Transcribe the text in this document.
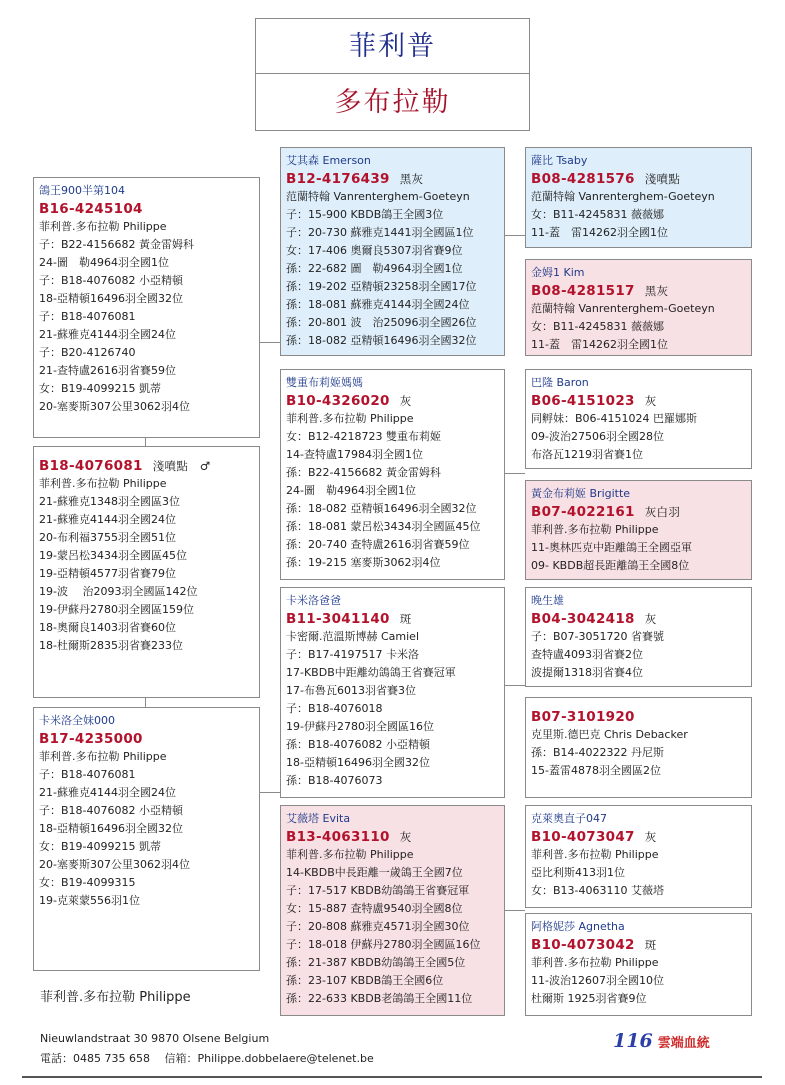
菲利普
多布拉勒
鴿王900半第104
B16-4245104
菲利普.多布拉勒 Philippe
子：B22-4156682 黃金雷姆科
24-圖　勒4964羽全國1位
子：B18-4076082 小亞精頓
18-亞精頓16496羽全國32位
子：B18-4076081
21-蘇雅克4144羽全國24位
子：B20-4126740
21-查特盧2616羽省賽59位
女：B19-4099215 凱蒂
20-塞麥斯307公里3062羽4位
B18-4076081 淺噴點　♂
菲利普.多布拉勒 Philippe
21-蘇雅克1348羽全國區3位
21-蘇雅克4144羽全國24位
20-布利福3755羽全國51位
19-蒙呂松3434羽全國區45位
19-亞精頓4577羽省賽79位
19-波　 治2093羽全國區142位
19-伊蘇丹2780羽全國區159位
18-奧爾良1403羽省賽60位
18-杜爾斯2835羽省賽233位
卡米洛全妹000
B17-4235000
菲利普.多布拉勒 Philippe
子：B18-4076081
21-蘇雅克4144羽全國24位
子：B18-4076082 小亞精頓
18-亞精頓16496羽全國32位
女：B19-4099215 凱蒂
20-塞麥斯307公里3062羽4位
女：B19-4099315
19-克萊蒙556羽1位
艾其森 Emerson
B12-4176439 黑灰
范蘭特翰 Vanrenterghem-Goeteyn
子：15-900 KBDB鴿王全國3位
子：20-730 蘇雅克1441羽全國區1位
女：17-406 奧爾良5307羽省賽9位
孫：22-682 圖　勒4964羽全國1位
孫：19-202 亞精頓23258羽全國17位
孫：18-081 蘇雅克4144羽全國24位
孫：20-801 波　治25096羽全國26位
孫：18-082 亞精頓16496羽全國32位
雙重布莉姬媽媽
B10-4326020 灰
菲利普.多布拉勒 Philippe
女：B12-4218723 雙重布莉姬
14-查特盧17984羽全國1位
孫：B22-4156682 黃金雷姆科
24-圖　勒4964羽全國1位
孫：18-082 亞精頓16496羽全國32位
孫：18-081 蒙呂松3434羽全國區45位
孫：20-740 查特盧2616羽省賽59位
孫：19-215 塞麥斯3062羽4位
卡米洛爸爸
B11-3041140 斑
卡密爾.范溫斯博赫 Camiel
子：B17-4197517 卡米洛
17-KBDB中距離幼鴿鴿王省賽冠軍
17-布魯瓦6013羽省賽3位
子：B18-4076018
19-伊蘇丹2780羽全國區16位
孫：B18-4076082 小亞精頓
18-亞精頓16496羽全國32位
孫：B18-4076073
艾薇塔 Evita
B13-4063110 灰
菲利普.多布拉勒 Philippe
14-KBDB中長距離一歲鴿王全國7位
子：17-517 KBDB幼鴿鴿王省賽冠軍
女：15-887 查特盧9540羽全國8位
子：20-808 蘇雅克4571羽全國30位
子：18-018 伊蘇丹2780羽全國區16位
孫：21-387 KBDB幼鴿鴿王全國5位
孫：23-107 KBDB鴿王全國6位
孫：22-633 KBDB老鴿鴿王全國11位
薩比 Tsaby
B08-4281576 淺噴點
范蘭特翰 Vanrenterghem-Goeteyn
女：B11-4245831 薇薇娜
11-蓋　雷14262羽全國1位
金姆1 Kim
B08-4281517 黑灰
范蘭特翰 Vanrenterghem-Goeteyn
女：B11-4245831 薇薇娜
11-蓋　雷14262羽全國1位
巴隆 Baron
B06-4151023 灰
同孵妹：B06-4151024 巴羅娜斯
09-波治27506羽全國28位
布洛瓦1219羽省賽1位
黃金布莉姬 Brigitte
B07-4022161 灰白羽
菲利普.多布拉勒 Philippe
11-奧林匹克中距離鴿王全國亞軍
09- KBDB超長距離鴿王全國8位
晚生雄
B04-3042418 灰
子：B07-3051720 省賽號
查特盧4093羽省賽2位
波提爾1318羽省賽4位
B07-3101920
克里斯.德巴克 Chris Debacker
孫：B14-4022322 丹尼斯
15-蓋雷4878羽全國區2位
克萊奧直子047
B10-4073047 灰
菲利普.多布拉勒 Philippe
亞比利斯413羽1位
女：B13-4063110 艾薇塔
阿格妮莎 Agnetha
B10-4073042 斑
菲利普.多布拉勒 Philippe
11-波治12607羽全國10位
杜爾斯 1925羽省賽9位
菲利普.多布拉勒 Philippe
Nieuwlandstraat 30 9870 Olsene Belgium
電話：0485 735 658　 信箱：Philippe.dobbelaere@telenet.be
116 雲端血統
